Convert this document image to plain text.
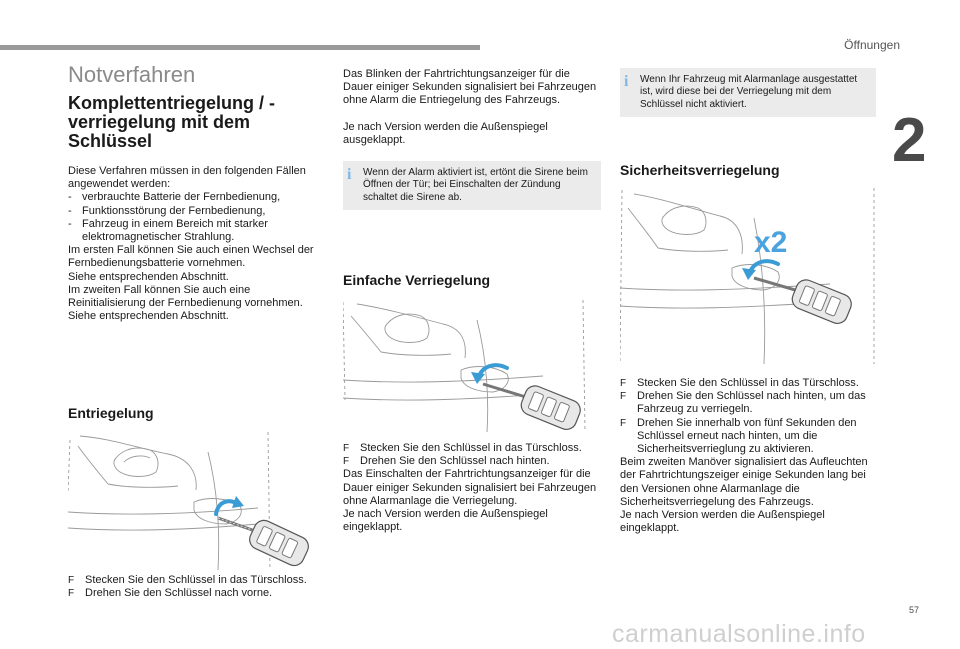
Öffnungen
2
Notverfahren
Komplettentriegelung / -verriegelung mit dem Schlüssel

Diese Verfahren müssen in den folgenden Fällen angewendet werden:

- verbrauchte Batterie der Fernbedienung,
- Funktionsstörung der Fernbedienung,
- Fahrzeug in einem Bereich mit starker elektromagnetischer Strahlung.

Im ersten Fall können Sie auch einen Wechsel der Fernbedienungsbatterie vornehmen.

Siehe entsprechenden Abschnitt.

Im zweiten Fall können Sie auch eine Reinitialisierung der Fernbedienung vornehmen.

Siehe entsprechenden Abschnitt.

Entriegelung
F Stecken Sie den Schlüssel in das Türschloss.
F Drehen Sie den Schlüssel nach vorne.

Das Blinken der Fahrtrichtungsanzeiger für die Dauer einiger Sekunden signalisiert bei Fahrzeugen ohne Alarm die Entriegelung des Fahrzeugs.

Je nach Version werden die Außenspiegel ausgeklappt.

i	Wenn der Alarm aktiviert ist, ertönt die Sirene beim Öffnen der Tür; bei Einschalten der Zündung schaltet die Sirene ab.
Einfache Verriegelung
F Stecken Sie den Schlüssel in das Türschloss.
F Drehen Sie den Schlüssel nach hinten.

Das Einschalten der Fahrtrichtungsanzeiger für die Dauer einiger Sekunden signalisiert bei Fahrzeugen ohne Alarmanlage die Verriegelung.

Je nach Version werden die Außenspiegel eingeklappt.

i	Wenn Ihr Fahrzeug mit Alarmanlage ausgestattet ist, wird diese bei der Verriegelung mit dem Schlüssel nicht aktiviert.
Sicherheitsverriegelung
x2
F Stecken Sie den Schlüssel in das Türschloss.
F Drehen Sie den Schlüssel nach hinten, um das Fahrzeug zu verriegeln.
F Drehen Sie innerhalb von fünf Sekunden den Schlüssel erneut nach hinten, um die Sicherheitsverrieglung zu aktivieren.

Beim zweiten Manöver signalisiert das Aufleuchten der Fahrtrichtungszeiger einige Sekunden lang bei den Versionen ohne Alarmanlage die Sicherheitsverriegelung des Fahrzeugs.

Je nach Version werden die Außenspiegel eingeklappt.

57
carmanualsonline.info
